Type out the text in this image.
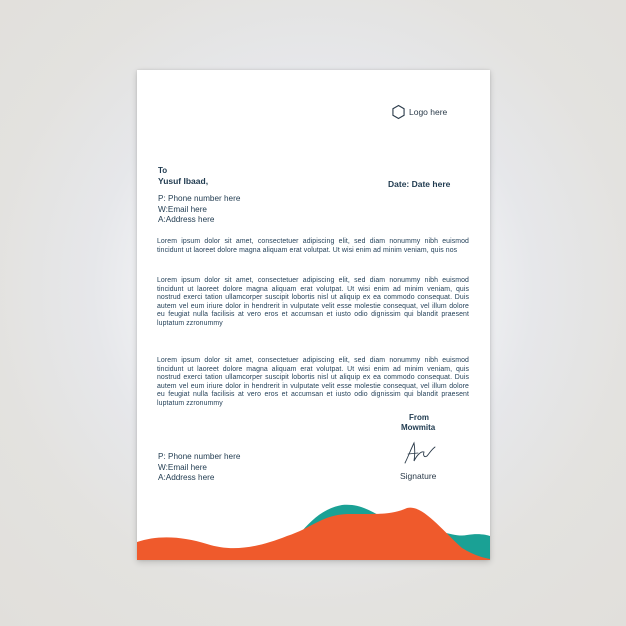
Logo here
To
Yusuf Ibaad,	Date: Date here
P: Phone number here
W:Email here
A:Address here
Lorem ipsum dolor sit amet, consectetuer adipiscing elit, sed diam nonummy nibh euismod tincidunt ut laoreet dolore magna aliquam erat volutpat. Ut wisi enim ad minim veniam, quis nos
Lorem ipsum dolor sit amet, consectetuer adipiscing elit, sed diam nonummy nibh euismod tincidunt ut laoreet dolore magna aliquam erat volutpat. Ut wisi enim ad minim veniam, quis nostrud exerci tation ullamcorper suscipit lobortis nisl ut aliquip ex ea commodo consequat. Duis autem vel eum iriure dolor in hendrerit in vulputate velit esse molestie consequat, vel illum dolore eu feugiat nulla facilisis at vero eros et accumsan et iusto odio dignissim qui blandit praesent luptatum zzronummy
Lorem ipsum dolor sit amet, consectetuer adipiscing elit, sed diam nonummy nibh euismod tincidunt ut laoreet dolore magna aliquam erat volutpat. Ut wisi enim ad minim veniam, quis nostrud exerci tation ullamcorper suscipit lobortis nisl ut aliquip ex ea commodo consequat. Duis autem vel eum iriure dolor in hendrerit in vulputate velit esse molestie consequat, vel illum dolore eu feugiat nulla facilisis at vero eros et accumsan et iusto odio dignissim qui blandit praesent luptatum zzronummy
P: Phone number here
W:Email here
A:Address here
From
Mowmita
Signature
